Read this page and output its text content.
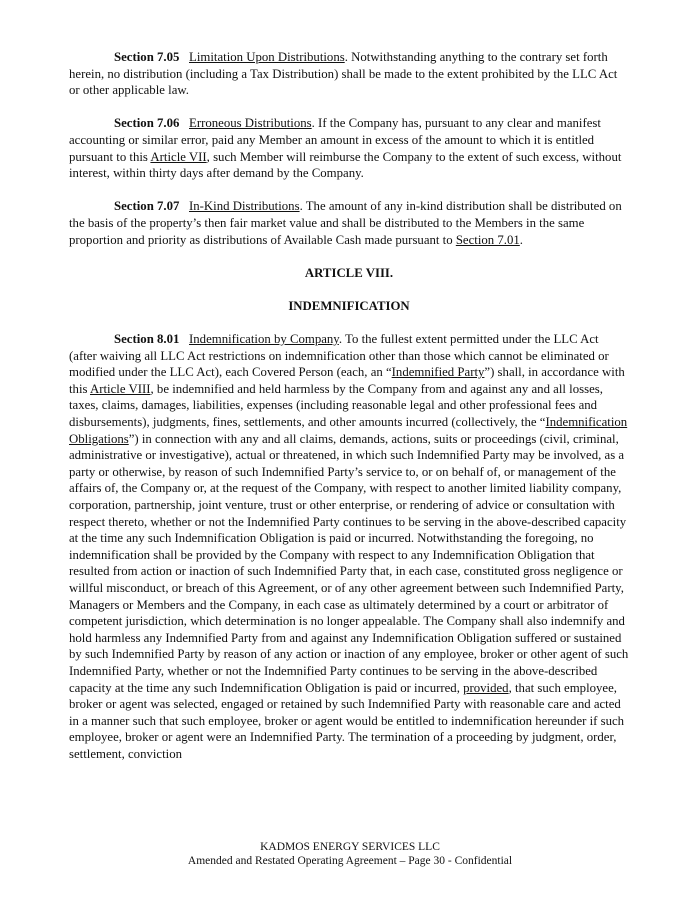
Section 7.05 Limitation Upon Distributions. Notwithstanding anything to the contrary set forth herein, no distribution (including a Tax Distribution) shall be made to the extent prohibited by the LLC Act or other applicable law.

Section 7.06 Erroneous Distributions. If the Company has, pursuant to any clear and manifest accounting or similar error, paid any Member an amount in excess of the amount to which it is entitled pursuant to this Article VII, such Member will reimburse the Company to the extent of such excess, without interest, within thirty days after demand by the Company.

Section 7.07 In-Kind Distributions. The amount of any in-kind distribution shall be distributed on the basis of the property’s then fair market value and shall be distributed to the Members in the same proportion and priority as distributions of Available Cash made pursuant to Section 7.01.

ARTICLE VIII.

INDEMNIFICATION

Section 8.01 Indemnification by Company. To the fullest extent permitted under the LLC Act (after waiving all LLC Act restrictions on indemnification other than those which cannot be eliminated or modified under the LLC Act), each Covered Person (each, an “Indemnified Party”) shall, in accordance with this Article VIII, be indemnified and held harmless by the Company from and against any and all losses, taxes, claims, damages, liabilities, expenses (including reasonable legal and other professional fees and disbursements), judgments, fines, settlements, and other amounts incurred (collectively, the “Indemnification Obligations”) in connection with any and all claims, demands, actions, suits or proceedings (civil, criminal, administrative or investigative), actual or threatened, in which such Indemnified Party may be involved, as a party or otherwise, by reason of such Indemnified Party’s service to, or on behalf of, or management of the affairs of, the Company or, at the request of the Company, with respect to another limited liability company, corporation, partnership, joint venture, trust or other enterprise, or rendering of advice or consultation with respect thereto, whether or not the Indemnified Party continues to be serving in the above-described capacity at the time any such Indemnification Obligation is paid or incurred. Notwithstanding the foregoing, no indemnification shall be provided by the Company with respect to any Indemnification Obligation that resulted from action or inaction of such Indemnified Party that, in each case, constituted gross negligence or willful misconduct, or breach of this Agreement, or of any other agreement between such Indemnified Party, Managers or Members and the Company, in each case as ultimately determined by a court or arbitrator of competent jurisdiction, which determination is no longer appealable. The Company shall also indemnify and hold harmless any Indemnified Party from and against any Indemnification Obligation suffered or sustained by such Indemnified Party by reason of any action or inaction of any employee, broker or other agent of such Indemnified Party, whether or not the Indemnified Party continues to be serving in the above-described capacity at the time any such Indemnification Obligation is paid or incurred, provided, that such employee, broker or agent was selected, engaged or retained by such Indemnified Party with reasonable care and acted in a manner such that such employee, broker or agent would be entitled to indemnification hereunder if such employee, broker or agent were an Indemnified Party. The termination of a proceeding by judgment, order, settlement, conviction

KADMOS ENERGY SERVICES LLC
Amended and Restated Operating Agreement – Page 30 - Confidential
